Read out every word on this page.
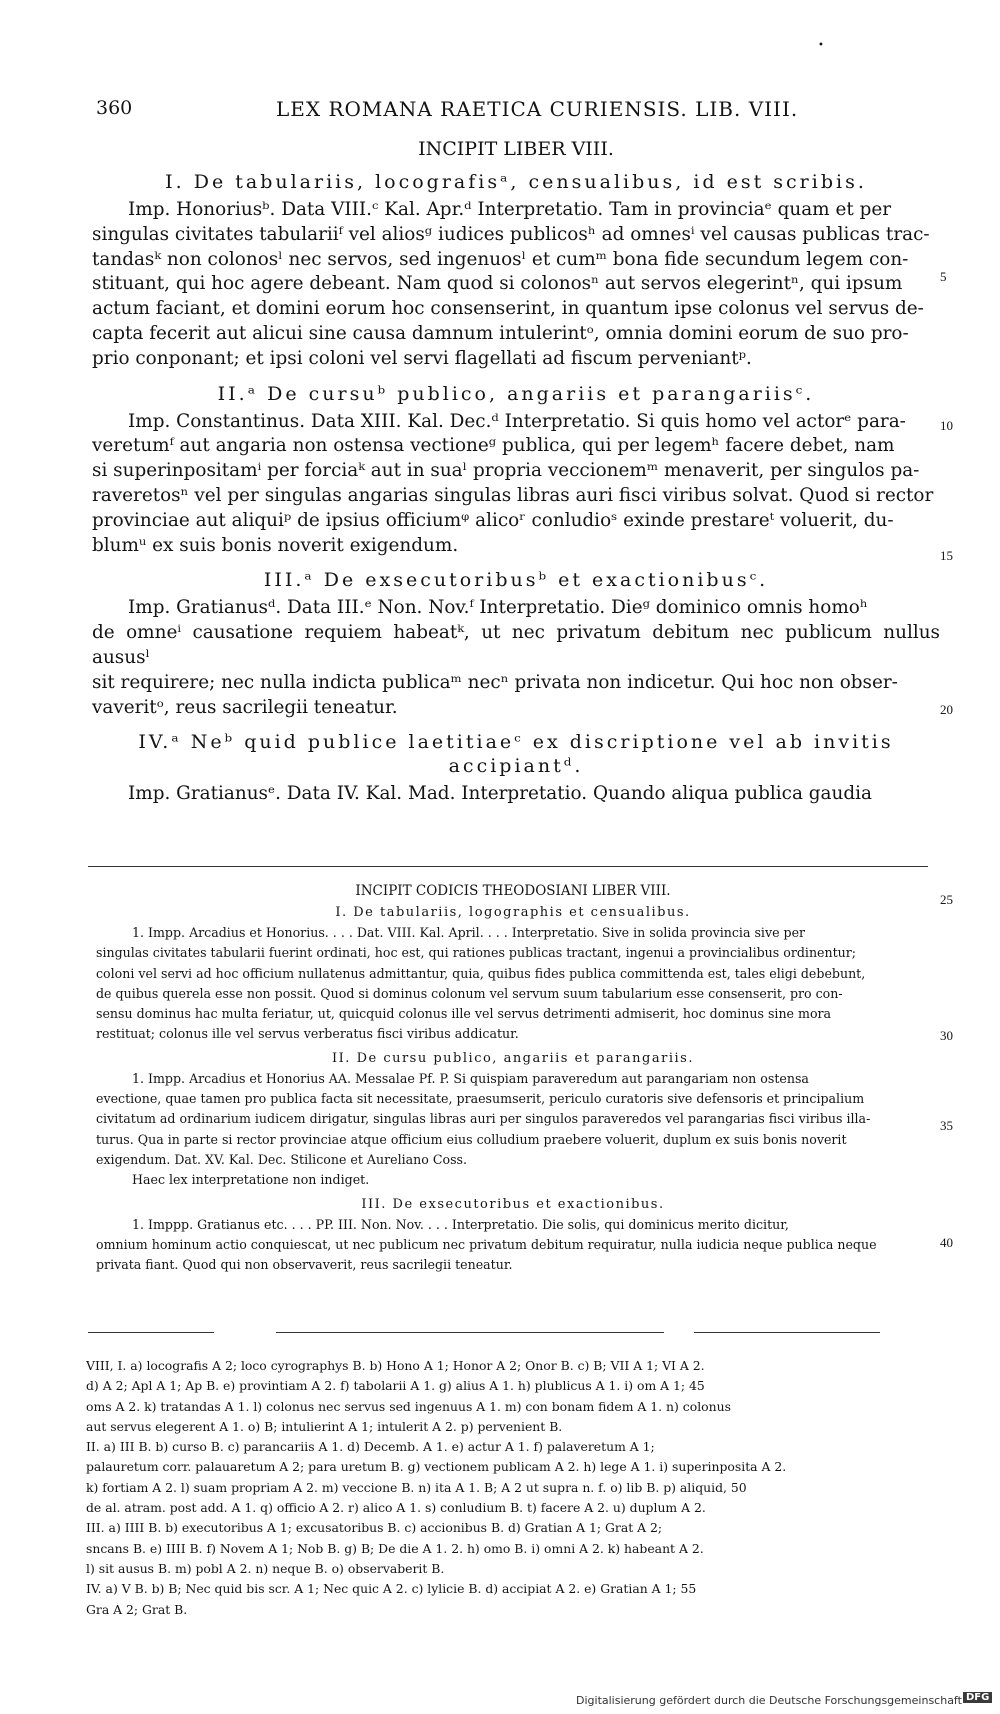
•
360	LEX ROMANA RAETICA CURIENSIS. LIB. VIII.
INCIPIT LIBER VIII.
I. De tabulariis, locografisᵃ, censualibus, id est scribis.

Imp. Honoriusᵇ. Data VIII.ᶜ Kal. Apr.ᵈ Interpretatio. Tam in provinciaᵉ quam et per
singulas civitates tabulariiᶠ vel aliosᵍ iudices publicosʰ ad omnesⁱ vel causas publicas trac-
tandasᵏ non colonosˡ nec servos, sed ingenuosˡ et cumᵐ bona fide secundum legem con-
stituant, qui hoc agere debeant. Nam quod si colonosⁿ aut servos elegerintⁿ, qui ipsum
actum faciant, et domini eorum hoc consenserint, in quantum ipse colonus vel servus de-
capta fecerit aut alicui sine causa damnum intulerintᵒ, omnia domini eorum de suo pro-
prio conponant; et ipsi coloni vel servi flagellati ad fiscum perveniantᵖ.

II.ᵃ De cursuᵇ publico, angariis et parangariisᶜ.

Imp. Constantinus. Data XIII. Kal. Dec.ᵈ Interpretatio. Si quis homo vel actorᵉ para-
veretumᶠ aut angaria non ostensa vectioneᵍ publica, qui per legemʰ facere debet, nam
si superinpositamⁱ per forciaᵏ aut in suaˡ propria veccionemᵐ menaverit, per singulos pa-
raveretosⁿ vel per singulas angarias singulas libras auri fisci viribus solvat. Quod si rector
provinciae aut aliquiᵖ de ipsius officiumᵠ alicoʳ conludioˢ exinde prestareᵗ voluerit, du-
blumᵘ ex suis bonis noverit exigendum.

III.ᵃ De exsecutoribusᵇ et exactionibusᶜ.

Imp. Gratianusᵈ. Data III.ᵉ Non. Nov.ᶠ Interpretatio. Dieᵍ dominico omnis homoʰ
de omneⁱ causatione requiem habeatᵏ, ut nec privatum debitum nec publicum nullus aususˡ
sit requirere; nec nulla indicta publicaᵐ necⁿ privata non indicetur. Qui hoc non obser-
vaveritᵒ, reus sacrilegii teneatur.

IV.ᵃ Neᵇ quid publice laetitiaeᶜ ex discriptione vel ab invitis accipiantᵈ.

Imp. Gratianusᵉ. Data IV. Kal. Mad. Interpretatio. Quando aliqua publica gaudia

5
10
15
20
INCIPIT CODICIS THEODOSIANI LIBER VIII.
I. De tabulariis, logographis et censualibus.

1. Impp. Arcadius et Honorius. . . . Dat. VIII. Kal. April. . . . Interpretatio. Sive in solida provincia sive per
singulas civitates tabularii fuerint ordinati, hoc est, qui rationes publicas tractant, ingenui a provincialibus ordinentur;
coloni vel servi ad hoc officium nullatenus admittantur, quia, quibus fides publica committenda est, tales eligi debebunt,
de quibus querela esse non possit. Quod si dominus colonum vel servum suum tabularium esse consenserit, pro con-
sensu dominus hac multa feriatur, ut, quicquid colonus ille vel servus detrimenti admiserit, hoc dominus sine mora
restituat; colonus ille vel servus verberatus fisci viribus addicatur.

II. De cursu publico, angariis et parangariis.

1. Impp. Arcadius et Honorius AA. Messalae Pf. P. Si quispiam paraveredum aut parangariam non ostensa
evectione, quae tamen pro publica facta sit necessitate, praesumserit, periculo curatoris sive defensoris et principalium
civitatum ad ordinarium iudicem dirigatur, singulas libras auri per singulos paraveredos vel parangarias fisci viribus illa-
turus. Qua in parte si rector provinciae atque officium eius colludium praebere voluerit, duplum ex suis bonis noverit
exigendum. Dat. XV. Kal. Dec. Stilicone et Aureliano Coss.
Haec lex interpretatione non indiget.

III. De exsecutoribus et exactionibus.

1. Imppp. Gratianus etc. . . . PP. III. Non. Nov. . . . Interpretatio. Die solis, qui dominicus merito dicitur,
omnium hominum actio conquiescat, ut nec publicum nec privatum debitum requiratur, nulla iudicia neque publica neque
privata fiant. Quod qui non observaverit, reus sacrilegii teneatur.

25
30
35
40
VIII, I. a) locografis A 2; loco cyrographys B. b) Hono A 1; Honor A 2; Onor B. c) B; VII A 1; VI A 2.
d) A 2; Apl A 1; Ap B. e) provintiam A 2. f) tabolarii A 1. g) alius A 1. h) plublicus A 1. i) om A 1; 45
oms A 2. k) tratandas A 1. l) colonus nec servus sed ingenuus A 1. m) con bonam fidem A 1. n) colonus
aut servus elegerent A 1. o) B; intulierint A 1; intulerit A 2. p) pervenient B.
II. a) III B. b) curso B. c) parancariis A 1. d) Decemb. A 1. e) actur A 1. f) palaveretum A 1;
palauretum corr. palauaretum A 2; para uretum B. g) vectionem publicam A 2. h) lege A 1. i) superinposita A 2.
k) fortiam A 2. l) suam propriam A 2. m) veccione B. n) ita A 1. B; A 2 ut supra n. f. o) lib B. p) aliquid, 50
de al. atram. post add. A 1. q) officio A 2. r) alico A 1. s) conludium B. t) facere A 2. u) duplum A 2.
III. a) IIII B. b) executoribus A 1; excusatoribus B. c) accionibus B. d) Gratian A 1; Grat A 2;
sncans B. e) IIII B. f) Novem A 1; Nob B. g) B; De die A 1. 2. h) omo B. i) omni A 2. k) habeant A 2.
l) sit ausus B. m) pobl A 2. n) neque B. o) observaberit B.
IV. a) V B. b) B; Nec quid bis scr. A 1; Nec quic A 2. c) lylicie B. d) accipiat A 2. e) Gratian A 1; 55
Gra A 2; Grat B.
Digitalisierung gefördert durch die Deutsche Forschungsgemeinschaft DFG
